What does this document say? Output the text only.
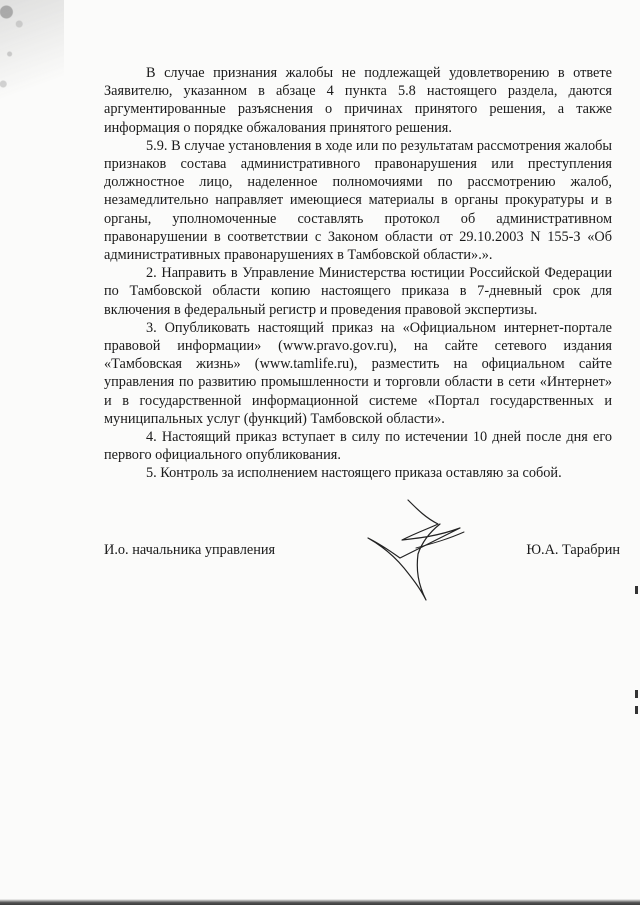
В случае признания жалобы не подлежащей удовлетворению в ответе Заявителю, указанном в абзаце 4 пункта 5.8 настоящего раздела, даются аргументированные разъяснения о причинах принятого решения, а также информация о порядке обжалования принятого решения.

5.9. В случае установления в ходе или по результатам рассмотрения жалобы признаков состава административного правонарушения или преступления должностное лицо, наделенное полномочиями по рассмотрению жалоб, незамедлительно направляет имеющиеся материалы в органы прокуратуры и в органы, уполномоченные составлять протокол об административном правонарушении в соответствии с Законом области от 29.10.2003 N 155-З «Об административных правонарушениях в Тамбовской области».».

2. Направить в Управление Министерства юстиции Российской Федерации по Тамбовской области копию настоящего приказа в 7-дневный срок для включения в федеральный регистр и проведения правовой экспертизы.

3. Опубликовать настоящий приказ на «Официальном интернет-портале правовой информации» (www.pravo.gov.ru), на сайте сетевого издания «Тамбовская жизнь» (www.tamlife.ru), разместить на официальном сайте управления по развитию промышленности и торговли области в сети «Интернет» и в государственной информационной системе «Портал государственных и муниципальных услуг (функций) Тамбовской области».

4. Настоящий приказ вступает в силу по истечении 10 дней после дня его первого официального опубликования.

5. Контроль за исполнением настоящего приказа оставляю за собой.

И.о. начальника управления	Ю.А. Тарабрин
